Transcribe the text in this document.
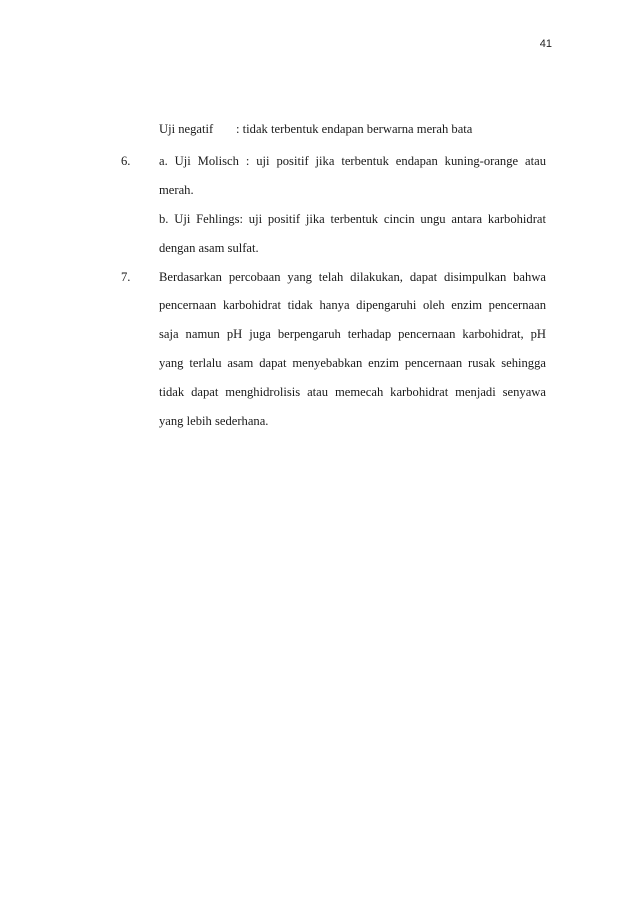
41
Uji negatif : tidak terbentuk endapan berwarna merah bata
6. a. Uji Molisch : uji positif jika terbentuk endapan kuning-orange atau
merah.
b. Uji Fehlings: uji positif jika terbentuk cincin ungu antara karbohidrat
dengan asam sulfat.
7. Berdasarkan percobaan yang telah dilakukan, dapat disimpulkan bahwa
pencernaan karbohidrat tidak hanya dipengaruhi oleh enzim pencernaan
saja namun pH juga berpengaruh terhadap pencernaan karbohidrat, pH
yang terlalu asam dapat menyebabkan enzim pencernaan rusak sehingga
tidak dapat menghidrolisis atau memecah karbohidrat menjadi senyawa
yang lebih sederhana.
